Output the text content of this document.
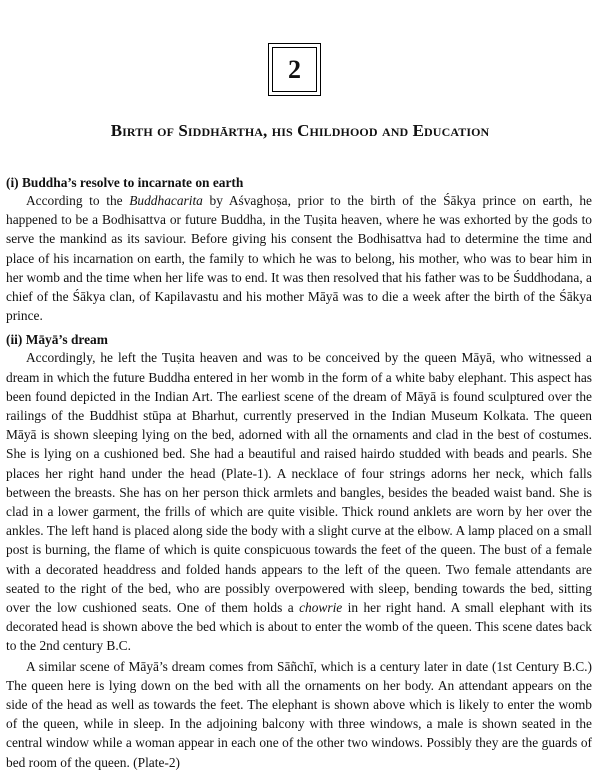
2
Birth of Siddhārtha, his Childhood and Education

(i) Buddha’s resolve to incarnate on earth

According to the Buddhacarita by Aśvaghoṣa, prior to the birth of the Śākya prince on earth, he happened to be a Bodhisattva or future Buddha, in the Tuṣita heaven, where he was exhorted by the gods to serve the mankind as its saviour. Before giving his consent the Bodhisattva had to determine the time and place of his incarnation on earth, the family to which he was to belong, his mother, who was to bear him in her womb and the time when her life was to end. It was then resolved that his father was to be Śuddhodana, a chief of the Śākya clan, of Kapilavastu and his mother Māyā was to die a week after the birth of the Śākya prince.

(ii) Māyā’s dream

Accordingly, he left the Tuṣita heaven and was to be conceived by the queen Māyā, who witnessed a dream in which the future Buddha entered in her womb in the form of a white baby elephant. This aspect has been found depicted in the Indian Art. The earliest scene of the dream of Māyā is found sculptured over the railings of the Buddhist stūpa at Bharhut, currently preserved in the Indian Museum Kolkata. The queen Māyā is shown sleeping lying on the bed, adorned with all the ornaments and clad in the best of costumes. She is lying on a cushioned bed. She had a beautiful and raised hairdo studded with beads and pearls. She places her right hand under the head (Plate-1). A necklace of four strings adorns her neck, which falls between the breasts. She has on her person thick armlets and bangles, besides the beaded waist band. She is clad in a lower garment, the frills of which are quite visible. Thick round anklets are worn by her over the ankles. The left hand is placed along side the body with a slight curve at the elbow. A lamp placed on a small post is burning, the flame of which is quite conspicuous towards the feet of the queen. The bust of a female with a decorated headdress and folded hands appears to the left of the queen. Two female attendants are seated to the right of the bed, who are possibly overpowered with sleep, bending towards the bed, sitting over the low cushioned seats. One of them holds a chowrie in her right hand. A small elephant with its decorated head is shown above the bed which is about to enter the womb of the queen. This scene dates back to the 2nd century B.C.

A similar scene of Māyā’s dream comes from Sāñchī, which is a century later in date (1st Century B.C.) The queen here is lying down on the bed with all the ornaments on her body. An attendant appears on the side of the head as well as towards the feet. The elephant is shown above which is likely to enter the womb of the queen, while in sleep. In the adjoining balcony with three windows, a male is shown seated in the central window while a woman appear in each one of the other two windows. Possibly they are the guards of bed room of the queen. (Plate-2)
